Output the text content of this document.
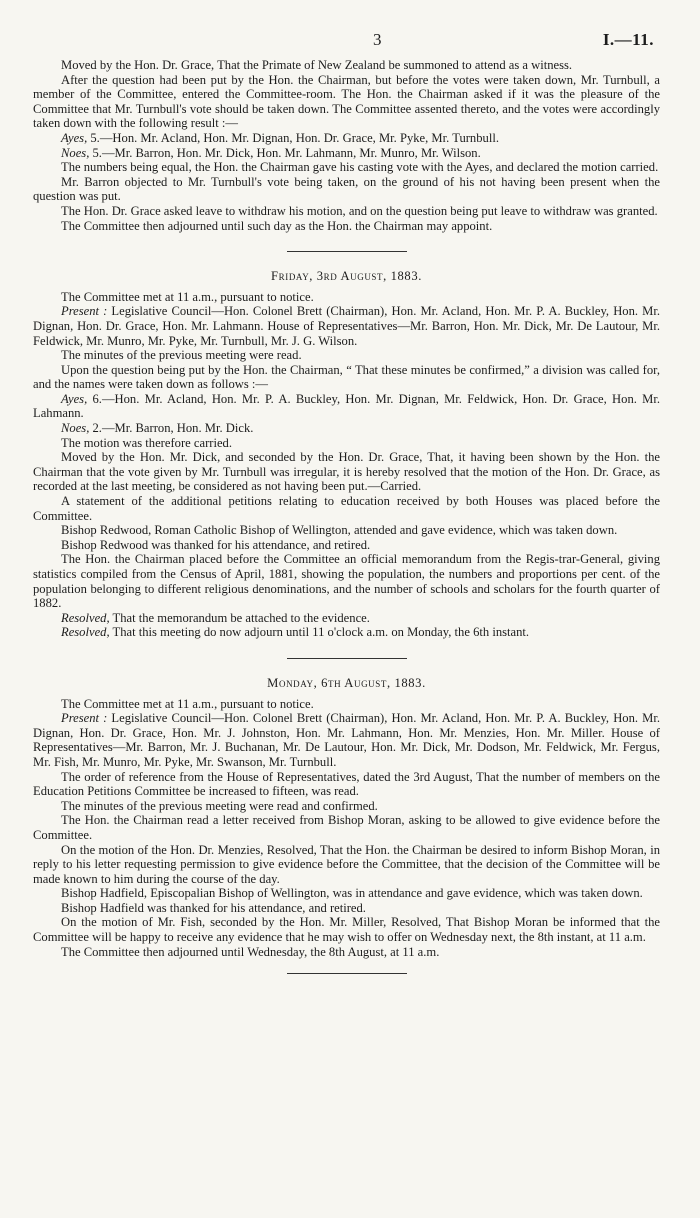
3	I.—11.

Moved by the Hon. Dr. Grace, That the Primate of New Zealand be summoned to attend as a witness.

After the question had been put by the Hon. the Chairman, but before the votes were taken down, Mr. Turnbull, a member of the Committee, entered the Committee-room. The Hon. the Chairman asked if it was the pleasure of the Committee that Mr. Turnbull's vote should be taken down. The Committee assented thereto, and the votes were accordingly taken down with the following result :—

Ayes, 5.—Hon. Mr. Acland, Hon. Mr. Dignan, Hon. Dr. Grace, Mr. Pyke, Mr. Turnbull.

Noes, 5.—Mr. Barron, Hon. Mr. Dick, Hon. Mr. Lahmann, Mr. Munro, Mr. Wilson.

The numbers being equal, the Hon. the Chairman gave his casting vote with the Ayes, and declared the motion carried.

Mr. Barron objected to Mr. Turnbull's vote being taken, on the ground of his not having been present when the question was put.

The Hon. Dr. Grace asked leave to withdraw his motion, and on the question being put leave to withdraw was granted.

The Committee then adjourned until such day as the Hon. the Chairman may appoint.

Friday, 3rd August, 1883.

The Committee met at 11 a.m., pursuant to notice.

Present : Legislative Council—Hon. Colonel Brett (Chairman), Hon. Mr. Acland, Hon. Mr. P. A. Buckley, Hon. Mr. Dignan, Hon. Dr. Grace, Hon. Mr. Lahmann. House of Representatives—Mr. Barron, Hon. Mr. Dick, Mr. De Lautour, Mr. Feldwick, Mr. Munro, Mr. Pyke, Mr. Turnbull, Mr. J. G. Wilson.

The minutes of the previous meeting were read.

Upon the question being put by the Hon. the Chairman, “ That these minutes be confirmed,” a division was called for, and the names were taken down as follows :—

Ayes, 6.—Hon. Mr. Acland, Hon. Mr. P. A. Buckley, Hon. Mr. Dignan, Mr. Feldwick, Hon. Dr. Grace, Hon. Mr. Lahmann.

Noes, 2.—Mr. Barron, Hon. Mr. Dick.

The motion was therefore carried.

Moved by the Hon. Mr. Dick, and seconded by the Hon. Dr. Grace, That, it having been shown by the Hon. the Chairman that the vote given by Mr. Turnbull was irregular, it is hereby resolved that the motion of the Hon. Dr. Grace, as recorded at the last meeting, be considered as not having been put.—Carried.

A statement of the additional petitions relating to education received by both Houses was placed before the Committee.

Bishop Redwood, Roman Catholic Bishop of Wellington, attended and gave evidence, which was taken down.

Bishop Redwood was thanked for his attendance, and retired.

The Hon. the Chairman placed before the Committee an official memorandum from the Regis-trar-General, giving statistics compiled from the Census of April, 1881, showing the population, the numbers and proportions per cent. of the population belonging to different religious denominations, and the number of schools and scholars for the fourth quarter of 1882.

Resolved, That the memorandum be attached to the evidence.

Resolved, That this meeting do now adjourn until 11 o'clock a.m. on Monday, the 6th instant.

Monday, 6th August, 1883.

The Committee met at 11 a.m., pursuant to notice.

Present : Legislative Council—Hon. Colonel Brett (Chairman), Hon. Mr. Acland, Hon. Mr. P. A. Buckley, Hon. Mr. Dignan, Hon. Dr. Grace, Hon. Mr. J. Johnston, Hon. Mr. Lahmann, Hon. Mr. Menzies, Hon. Mr. Miller. House of Representatives—Mr. Barron, Mr. J. Buchanan, Mr. De Lautour, Hon. Mr. Dick, Mr. Dodson, Mr. Feldwick, Mr. Fergus, Mr. Fish, Mr. Munro, Mr. Pyke, Mr. Swanson, Mr. Turnbull.

The order of reference from the House of Representatives, dated the 3rd August, That the number of members on the Education Petitions Committee be increased to fifteen, was read.

The minutes of the previous meeting were read and confirmed.

The Hon. the Chairman read a letter received from Bishop Moran, asking to be allowed to give evidence before the Committee.

On the motion of the Hon. Dr. Menzies, Resolved, That the Hon. the Chairman be desired to inform Bishop Moran, in reply to his letter requesting permission to give evidence before the Committee, that the decision of the Committee will be made known to him during the course of the day.

Bishop Hadfield, Episcopalian Bishop of Wellington, was in attendance and gave evidence, which was taken down.

Bishop Hadfield was thanked for his attendance, and retired.

On the motion of Mr. Fish, seconded by the Hon. Mr. Miller, Resolved, That Bishop Moran be informed that the Committee will be happy to receive any evidence that he may wish to offer on Wednesday next, the 8th instant, at 11 a.m.

The Committee then adjourned until Wednesday, the 8th August, at 11 a.m.
